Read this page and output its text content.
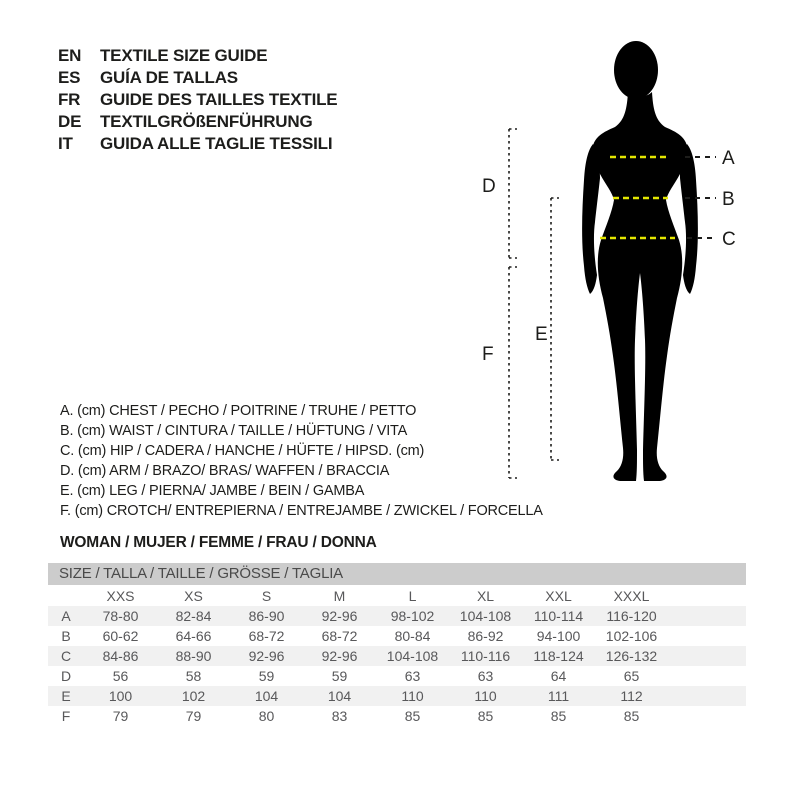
EN	TEXTILE SIZE GUIDE
ES	GUÍA DE TALLAS
FR	GUIDE DES TAILLES TEXTILE
DE	TEXTILGRÖßENFÜHRUNG
IT	GUIDA ALLE TAGLIE TESSILI
A
B
C
D
F
E
A. (cm) CHEST / PECHO / POITRINE / TRUHE / PETTO
B. (cm) WAIST / CINTURA / TAILLE / HÜFTUNG / VITA
C. (cm) HIP / CADERA / HANCHE / HÜFTE / HIPSD. (cm)
D. (cm) ARM / BRAZO/ BRAS/ WAFFEN / BRACCIA
E. (cm) LEG / PIERNA/ JAMBE / BEIN / GAMBA
F. (cm) CROTCH/ ENTREPIERNA / ENTREJAMBE / ZWICKEL / FORCELLA
WOMAN / MUJER / FEMME / FRAU / DONNA
SIZE / TALLA / TAILLE / GRÖSSE / TAGLIA
	XXS	XS	S	M	L	XL	XXL	XXXL	
A	78-80	82-84	86-90	92-96	98-102	104-108	110-114	116-120	
B	60-62	64-66	68-72	68-72	80-84	86-92	94-100	102-106	
C	84-86	88-90	92-96	92-96	104-108	110-116	118-124	126-132	
D	56	58	59	59	63	63	64	65	
E	100	102	104	104	110	110	111	112	
F	79	79	80	83	85	85	85	85	
